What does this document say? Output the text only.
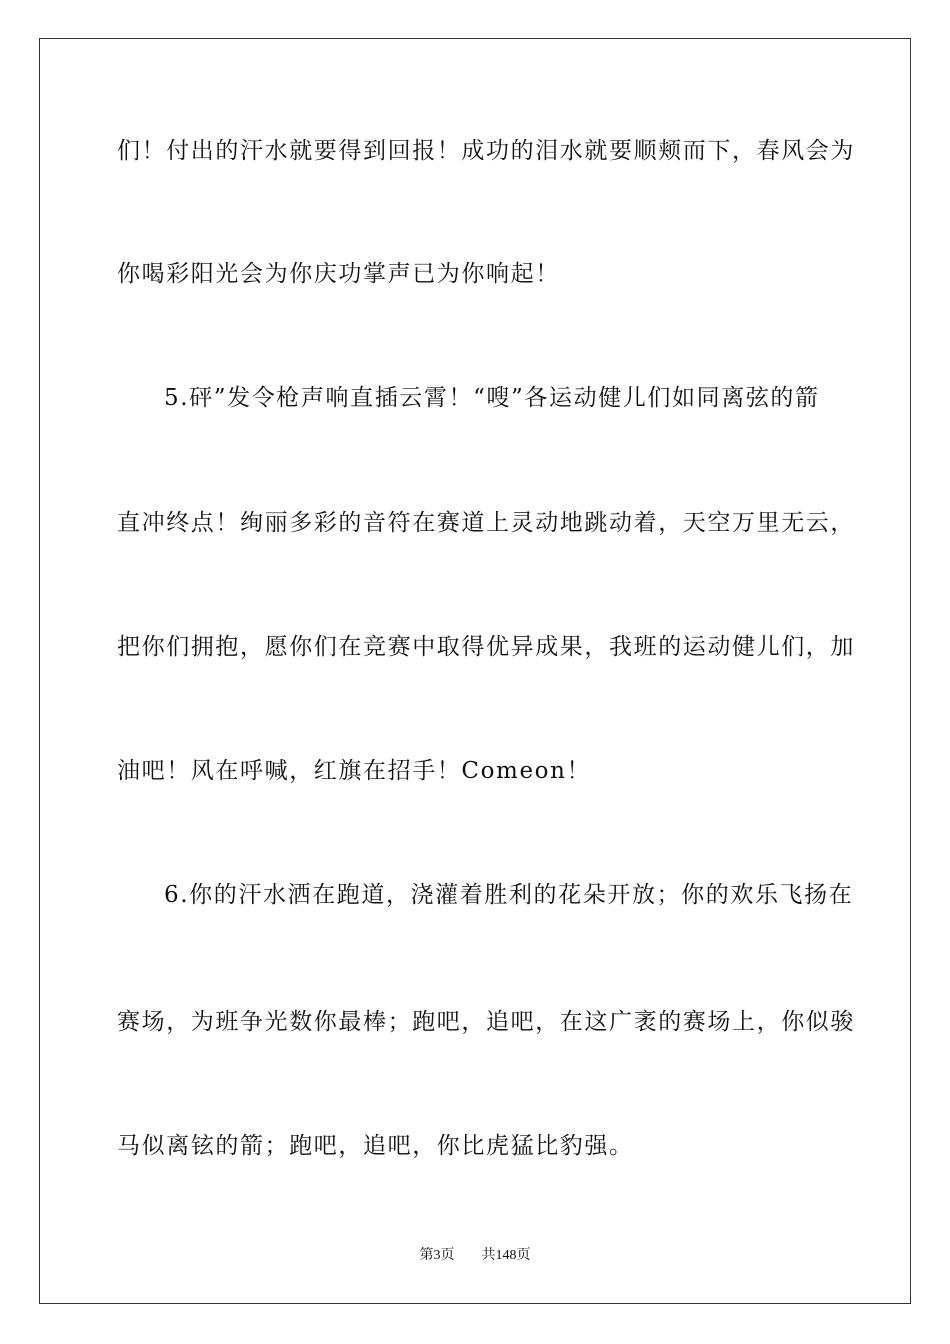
们！付出的汗水就要得到回报！成功的泪水就要顺颊而下，春风会为
你喝彩阳光会为你庆功掌声已为你响起！
5.砰”发令枪声响直插云霄！“嗖”各运动健儿们如同离弦的箭
直冲终点！绚丽多彩的音符在赛道上灵动地跳动着，天空万里无云，
把你们拥抱，愿你们在竞赛中取得优异成果，我班的运动健儿们，加
油吧！风在呼喊，红旗在招手！Comeon！
6.你的汗水洒在跑道，浇灌着胜利的花朵开放；你的欢乐飞扬在
赛场，为班争光数你最棒；跑吧，追吧，在这广袤的赛场上，你似骏
马似离铉的箭；跑吧，追吧，你比虎猛比豹强。
第3页 共148页
